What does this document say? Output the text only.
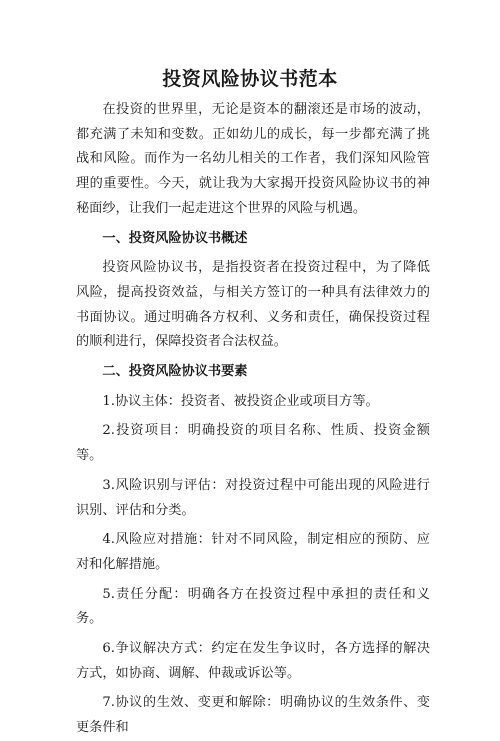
投资风险协议书范本

在投资的世界里，无论是资本的翻滚还是市场的波动，都充满了未知和变数。正如幼儿的成长，每一步都充满了挑战和风险。而作为一名幼儿相关的工作者，我们深知风险管理的重要性。今天，就让我为大家揭开投资风险协议书的神秘面纱，让我们一起走进这个世界的风险与机遇。

一、投资风险协议书概述

投资风险协议书，是指投资者在投资过程中，为了降低风险，提高投资效益，与相关方签订的一种具有法律效力的书面协议。通过明确各方权利、义务和责任，确保投资过程的顺利进行，保障投资者合法权益。

二、投资风险协议书要素

1.协议主体：投资者、被投资企业或项目方等。

2.投资项目：明确投资的项目名称、性质、投资金额等。

3.风险识别与评估：对投资过程中可能出现的风险进行识别、评估和分类。

4.风险应对措施：针对不同风险，制定相应的预防、应对和化解措施。

5.责任分配：明确各方在投资过程中承担的责任和义务。

6.争议解决方式：约定在发生争议时，各方选择的解决方式，如协商、调解、仲裁或诉讼等。

7.协议的生效、变更和解除：明确协议的生效条件、变更条件和
